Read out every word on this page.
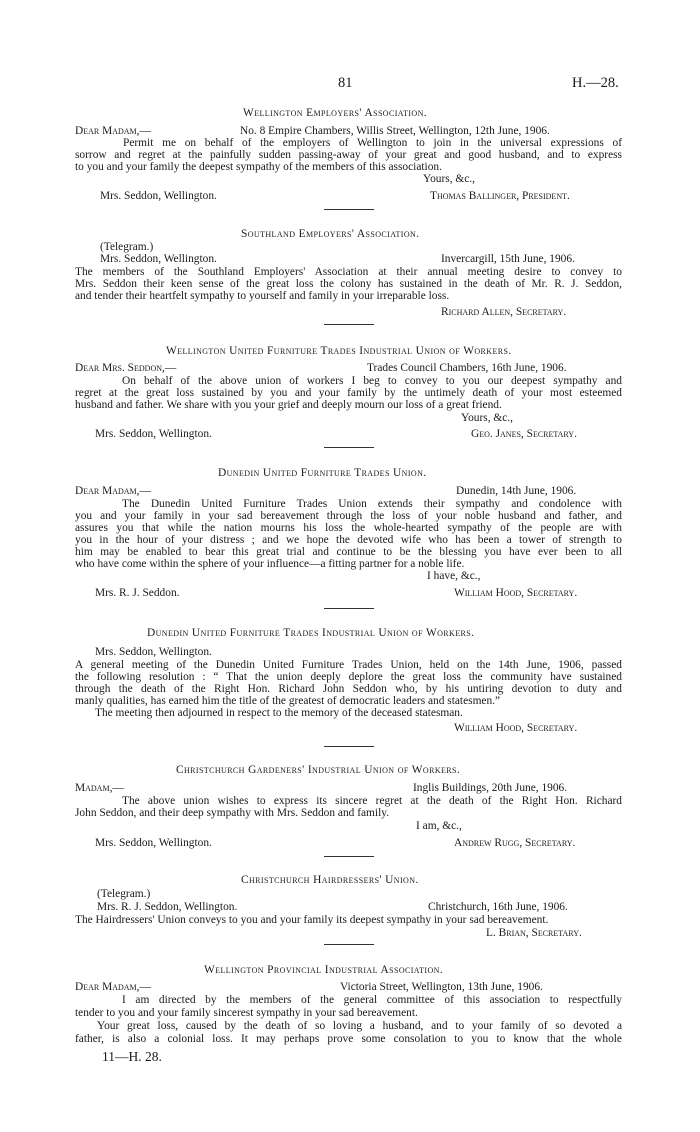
81	H.—28.
Wellington Employers' Association.
Dear Madam,—	No. 8 Empire Chambers, Willis Street, Wellington, 12th June, 1906.
Permit me on behalf of the employers of Wellington to join in the universal expressions of
sorrow and regret at the painfully sudden passing-away of your great and good husband, and to express
to you and your family the deepest sympathy of the members of this association.
Yours, &c.,
Mrs. Seddon, Wellington.	Thomas Ballinger, President.
Southland Employers' Association.
(Telegram.)
Mrs. Seddon, Wellington.	Invercargill, 15th June, 1906.
The members of the Southland Employers' Association at their annual meeting desire to convey to
Mrs. Seddon their keen sense of the great loss the colony has sustained in the death of Mr. R. J. Seddon,
and tender their heartfelt sympathy to yourself and family in your irreparable loss.
Richard Allen, Secretary.
Wellington United Furniture Trades Industrial Union of Workers.
Dear Mrs. Seddon,—	Trades Council Chambers, 16th June, 1906.
On behalf of the above union of workers I beg to convey to you our deepest sympathy and
regret at the great loss sustained by you and your family by the untimely death of your most esteemed
husband and father. We share with you your grief and deeply mourn our loss of a great friend.
Yours, &c.,
Mrs. Seddon, Wellington.	Geo. Janes, Secretary.
Dunedin United Furniture Trades Union.
Dear Madam,—	Dunedin, 14th June, 1906.
The Dunedin United Furniture Trades Union extends their sympathy and condolence with
you and your family in your sad bereavement through the loss of your noble husband and father, and
assures you that while the nation mourns his loss the whole-hearted sympathy of the people are with
you in the hour of your distress ; and we hope the devoted wife who has been a tower of strength to
him may be enabled to bear this great trial and continue to be the blessing you have ever been to all
who have come within the sphere of your influence—a fitting partner for a noble life.
I have, &c.,
Mrs. R. J. Seddon.	William Hood, Secretary.
Dunedin United Furniture Trades Industrial Union of Workers.
Mrs. Seddon, Wellington.
A general meeting of the Dunedin United Furniture Trades Union, held on the 14th June, 1906, passed
the following resolution : “ That the union deeply deplore the great loss the community have sustained
through the death of the Right Hon. Richard John Seddon who, by his untiring devotion to duty and
manly qualities, has earned him the title of the greatest of democratic leaders and statesmen.”
The meeting then adjourned in respect to the memory of the deceased statesman.
William Hood, Secretary.
Christchurch Gardeners' Industrial Union of Workers.
Madam,—	Inglis Buildings, 20th June, 1906.
The above union wishes to express its sincere regret at the death of the Right Hon. Richard
John Seddon, and their deep sympathy with Mrs. Seddon and family.
I am, &c.,
Mrs. Seddon, Wellington.	Andrew Rugg, Secretary.
Christchurch Hairdressers' Union.
(Telegram.)
Mrs. R. J. Seddon, Wellington.	Christchurch, 16th June, 1906.
The Hairdressers' Union conveys to you and your family its deepest sympathy in your sad bereavement.
L. Brian, Secretary.
Wellington Provincial Industrial Association.
Dear Madam,—	Victoria Street, Wellington, 13th June, 1906.
I am directed by the members of the general committee of this association to respectfully
tender to you and your family sincerest sympathy in your sad bereavement.
Your great loss, caused by the death of so loving a husband, and to your family of so devoted a
father, is also a colonial loss. It may perhaps prove some consolation to you to know that the whole
11—H. 28.
